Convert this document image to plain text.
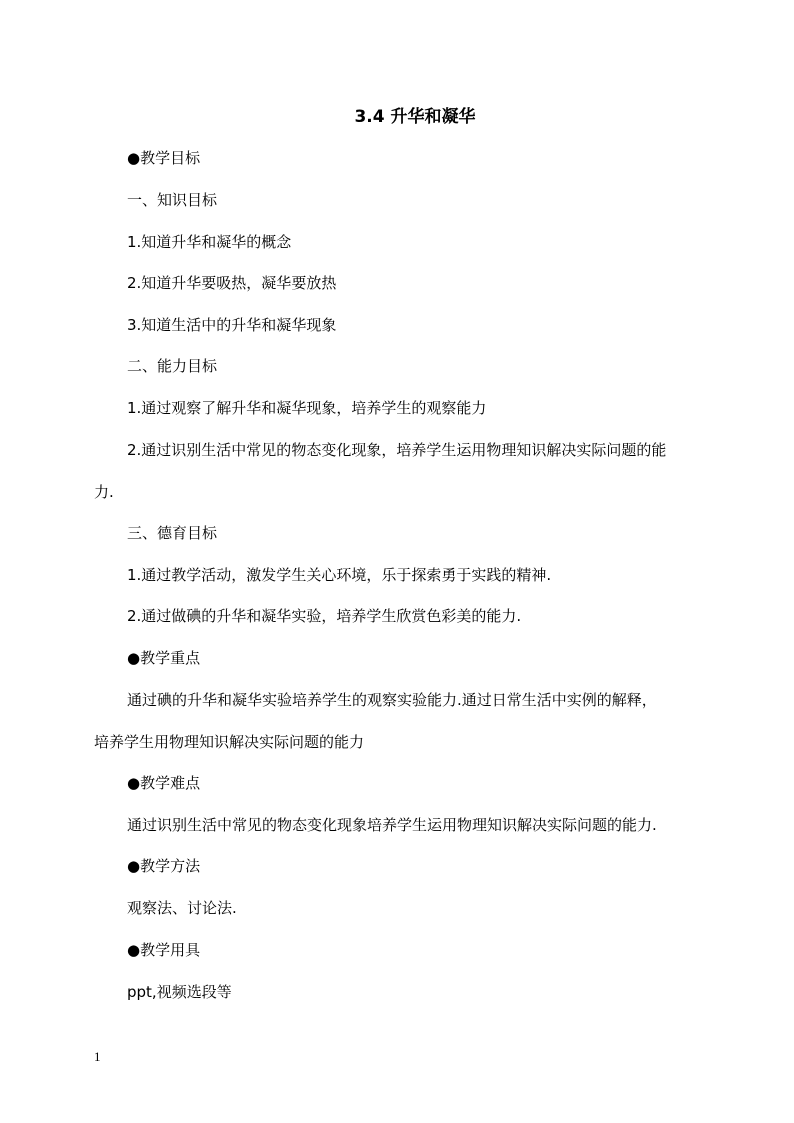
3.4 升华和凝华
●教学目标
一、知识目标
1.知道升华和凝华的概念
2.知道升华要吸热，凝华要放热
3.知道生活中的升华和凝华现象
二、能力目标
1.通过观察了解升华和凝华现象，培养学生的观察能力
2.通过识别生活中常见的物态变化现象，培养学生运用物理知识解决实际问题的能
力.
三、德育目标
1.通过教学活动，激发学生关心环境，乐于探索勇于实践的精神.
2.通过做碘的升华和凝华实验，培养学生欣赏色彩美的能力.
●教学重点
通过碘的升华和凝华实验培养学生的观察实验能力.通过日常生活中实例的解释，
培养学生用物理知识解决实际问题的能力
●教学难点
通过识别生活中常见的物态变化现象培养学生运用物理知识解决实际问题的能力.
●教学方法
观察法、讨论法.
●教学用具
ppt,视频选段等
1
